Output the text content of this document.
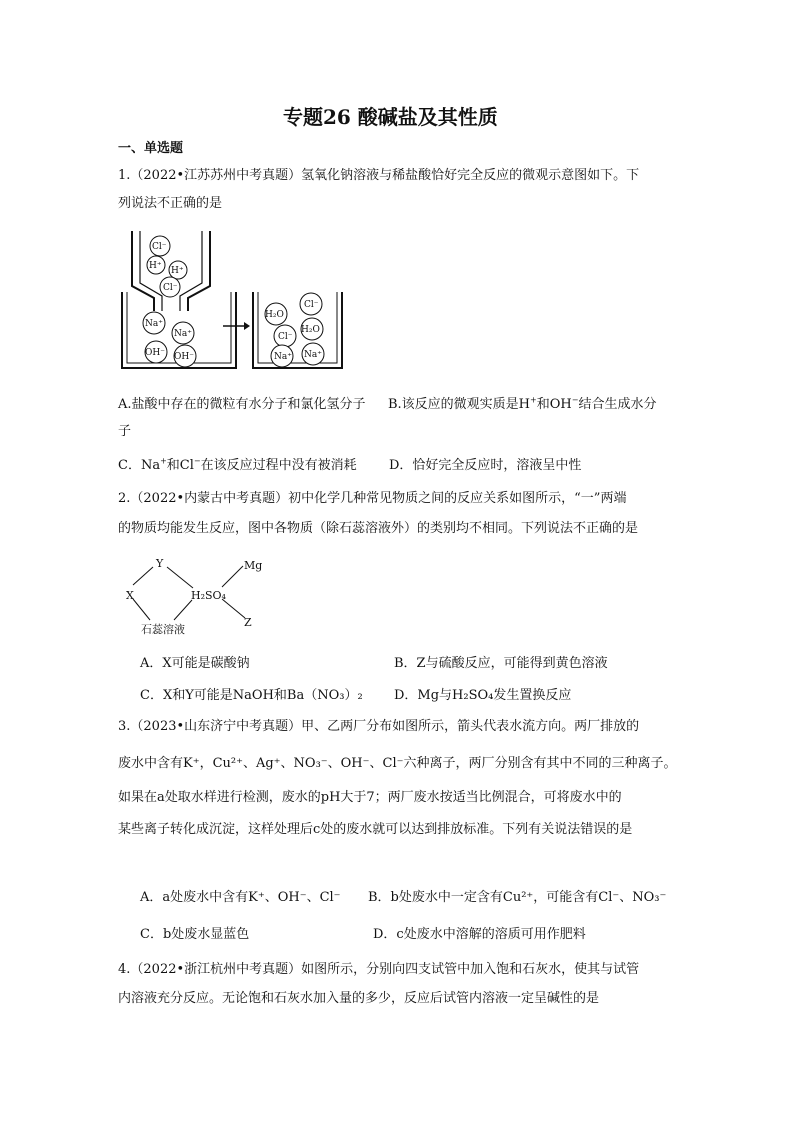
专题26 酸碱盐及其性质
一、单选题
1.（2022•江苏苏州中考真题）氢氧化钠溶液与稀盐酸恰好完全反应的微观示意图如下。下
列说法不正确的是
Cl⁻
H⁺ H⁺
Cl⁻
Na⁺
Na⁺
OH⁻ OH⁻
H₂O
Cl⁻
H₂O
Cl⁻
Na⁺ Na⁺
A.盐酸中存在的微粒有水分子和氯化氢分子 B.该反应的微观实质是H+和OH−结合生成水分
子
C．Na+和Cl−在该反应过程中没有被消耗 D．恰好完全反应时，溶液呈中性
2.（2022•内蒙古中考真题）初中化学几种常见物质之间的反应关系如图所示，“一”两端
的物质均能发生反应，图中各物质（除石蕊溶液外）的类别均不相同。下列说法不正确的是
Y
X	H₂SO₄
Mg
Z
石蕊溶液
A．X可能是碳酸钠	B．Z与硫酸反应，可能得到黄色溶液
C．X和Y可能是NaOH和Ba（NO₃）₂ D．Mg与H₂SO₄发生置换反应
3.（2023•山东济宁中考真题）甲、乙两厂分布如图所示，箭头代表水流方向。两厂排放的
废水中含有K⁺，Cu²⁺、Ag⁺、NO₃⁻、OH⁻、Cl⁻六种离子，两厂分别含有其中不同的三种离子。
如果在a处取水样进行检测，废水的pH大于7；两厂废水按适当比例混合，可将废水中的
某些离子转化成沉淀，这样处理后c处的废水就可以达到排放标准。下列有关说法错误的是
A．a处废水中含有K⁺、OH⁻、Cl⁻ B．b处废水中一定含有Cu²⁺，可能含有Cl⁻、NO₃⁻
C．b处废水显蓝色	D．c处废水中溶解的溶质可用作肥料
4.（2022•浙江杭州中考真题）如图所示，分别向四支试管中加入饱和石灰水，使其与试管
内溶液充分反应。无论饱和石灰水加入量的多少，反应后试管内溶液一定呈碱性的是
